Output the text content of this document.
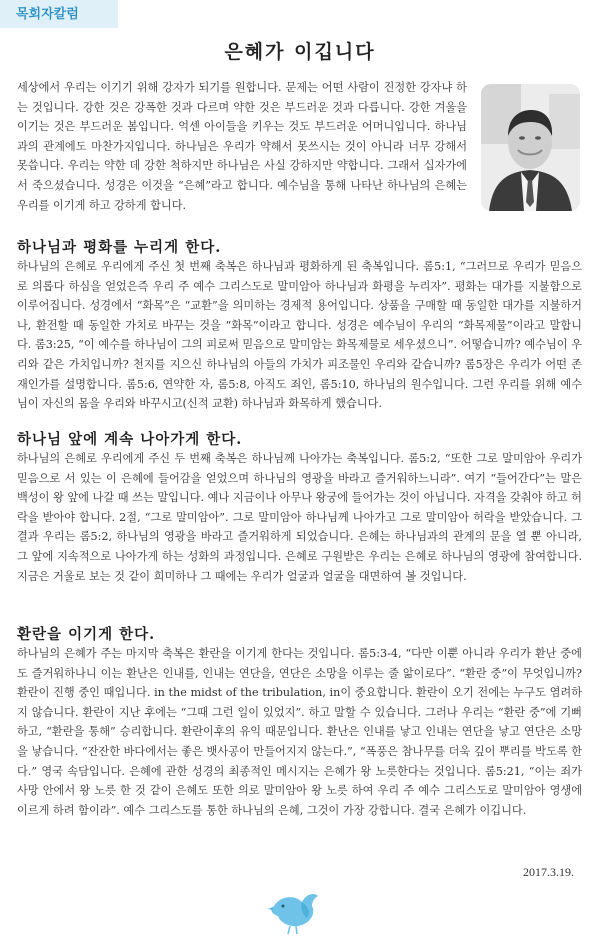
목회자칼럼
은혜가 이깁니다

세상에서 우리는 이기기 위해 강자가 되기를 원합니다. 문제는 어떤 사람이 진정한 강자냐 하는 것입니다. 강한 것은 강폭한 것과 다르며 약한 것은 부드러운 것과 다릅니다. 강한 겨울을 이기는 것은 부드러운 봄입니다. 억센 아이들을 키우는 것도 부드러운 어머니입니다. 하나님과의 관계에도 마찬가지입니다. 하나님은 우리가 약해서 못쓰시는 것이 아니라 너무 강해서 못씁니다. 우리는 약한 데 강한 척하지만 하나님은 사실 강하지만 약합니다. 그래서 십자가에서 죽으셨습니다. 성경은 이것을 “은혜”라고 합니다. 예수님을 통해 나타난 하나님의 은혜는 우리를 이기게 하고 강하게 합니다.

하나님과 평화를 누리게 한다.

하나님의 은혜로 우리에게 주신 첫 번째 축복은 하나님과 평화하게 된 축복입니다. 롬5:1, “그러므로 우리가 믿음으로 의롭다 하심을 얻었은즉 우리 주 예수 그리스도로 말미암아 하나님과 화평을 누리자”. 평화는 대가를 지불함으로 이루어집니다. 성경에서 “화목”은 “교환”을 의미하는 경제적 용어입니다. 상품을 구매할 때 동일한 대가를 지불하거나, 환전할 때 동일한 가치로 바꾸는 것을 “화목”이라고 합니다. 성경은 예수님이 우리의 “화목제물”이라고 말합니다. 롬3:25, “이 예수를 하나님이 그의 피로써 믿음으로 말미암는 화목제물로 세우셨으니”. 어떻습니까? 예수님이 우리와 같은 가치입니까? 천지를 지으신 하나님의 아들의 가치가 피조물인 우리와 같습니까? 롬5장은 우리가 어떤 존재인가를 설명합니다. 롬5:6, 연약한 자, 롬5:8, 아직도 죄인, 롬5:10, 하나님의 원수입니다. 그런 우리를 위해 예수님이 자신의 몸을 우리와 바꾸시고(신적 교환) 하나님과 화목하게 했습니다.

하나님 앞에 계속 나아가게 한다.

하나님의 은혜로 우리에게 주신 두 번째 축복은 하나님께 나아가는 축복입니다. 롬5:2, “또한 그로 말미암아 우리가 믿음으로 서 있는 이 은혜에 들어감을 얻었으며 하나님의 영광을 바라고 즐거워하느니라”. 여기 “들어간다”는 말은 백성이 왕 앞에 나갈 때 쓰는 말입니다. 예나 지금이나 아무나 왕궁에 들어가는 것이 아닙니다. 자격을 갖춰야 하고 허락을 받아야 합니다. 2절, “그로 말미암아”. 그로 말미암아 하나님께 나아가고 그로 말미암아 허락을 받았습니다. 그 결과 우리는 롬5:2, 하나님의 영광을 바라고 즐거워하게 되었습니다. 은혜는 하나님과의 관계의 문을 열 뿐 아니라, 그 앞에 지속적으로 나아가게 하는 성화의 과정입니다. 은혜로 구원받은 우리는 은혜로 하나님의 영광에 참여합니다. 지금은 거울로 보는 것 같이 희미하나 그 때에는 우리가 얼굴과 얼굴을 대면하여 볼 것입니다.

환란을 이기게 한다.

하나님의 은혜가 주는 마지막 축복은 환란을 이기게 한다는 것입니다. 롬5:3-4, “다만 이뿐 아니라 우리가 환난 중에도 즐거워하나니 이는 환난은 인내를, 인내는 연단을, 연단은 소망을 이루는 줄 앎이로다”. “환란 중”이 무엇입니까? 환란이 진행 중인 때입니다. in the midst of the tribulation, in이 중요합니다. 환란이 오기 전에는 누구도 염려하지 않습니다. 환란이 지난 후에는 “그때 그런 일이 있었지”. 하고 말할 수 있습니다. 그러나 우리는 “환란 중”에 기뻐하고, “환란을 통해” 승리합니다. 환란이후의 유익 때문입니다. 환난은 인내를 낳고 인내는 연단을 낳고 연단은 소망을 낳습니다. “잔잔한 바다에서는 좋은 뱃사공이 만들어지지 않는다.”, “폭풍은 참나무를 더욱 깊이 뿌리를 박도록 한다.” 영국 속담입니다. 은혜에 관한 성경의 최종적인 메시지는 은혜가 왕 노릇한다는 것입니다. 롬5:21, “이는 죄가 사망 안에서 왕 노릇 한 것 같이 은혜도 또한 의로 말미암아 왕 노릇 하여 우리 주 예수 그리스도로 말미암아 영생에 이르게 하려 함이라”. 예수 그리스도를 통한 하나님의 은혜, 그것이 가장 강합니다. 결국 은혜가 이깁니다.

2017.3.19.
